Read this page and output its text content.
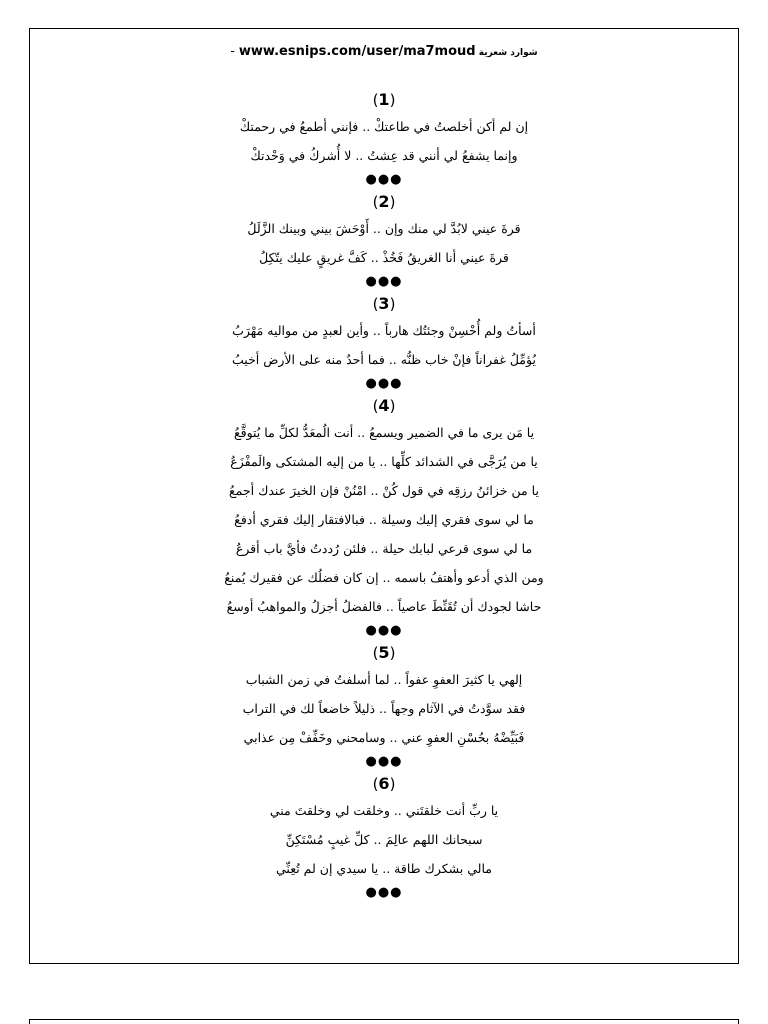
- www.esnips.com/user/ma7moud شوارد شعرية
(1)
إن لم أكن أخلصتُ في طاعتكْ .. فإنني أطمعُ في رحمتكْ
وإنما يشفعُ لي أنني قد عِشتُ .. لا أُشركُ في وَحْدتكْ
●●●
(2)
قرةَ عيني لابُدَّ لي منك وإن .. أَوْحَشَ بيني وبينك الزَّلَلُ
قرةَ عيني أنا الغريقُ فَخُذْ .. كَفَّ غريقٍ عليك يتّكِلُ
●●●
(3)
أسأتُ ولم أُحْسِنْ وجئتُك هارباً .. وأين لعبدٍ من مواليه مَهْرَبُ
يُؤمِّلُ غفراناً فإنْ خاب ظنُّه .. فما أحدٌ منه على الأرض أخيبُ
●●●
(4)
يا مَن يرى ما في الضمير ويسمعُ .. أنت الُمعَدُّ لكلِّ ما يُتوقَّعُ
يا من يُرَجَّى في الشدائد كلِّها .. يا من إليه المشتكى والَمفْزَعُ
يا من خزائنُ رزقِه في قول كُنْ .. امْنُنْ فإن الخيرَ عندك أجمعُ
ما لي سوى فقري إليك وسيلة .. فبالافتقار إليك فقري أدفعُ
ما لي سوى قرعي لبابك حيلة .. فلئن رُددتُ فأيَّ باب أقرعُ
ومن الذي أدعو وأهتفُ باسمه .. إن كان فضلُك عن فقيرك يُمنعُ
حاشا لجودك أن تُقَنِّطَ عاصياً .. فالفضلُ أجزلُ والمواهبُ أوسعُ
●●●
(5)
إلهي يا كثيرَ العفوِ عفواً .. لما أسلفتُ في زمن الشباب
فقد سوَّدتُ في الآثام وجهاً .. ذليلاً خاضعاً لك في التراب
فَبَيِّضْهُ بحُسْنِ العفوِ عني .. وسامحني وخَفِّفْ مِن عذابي
●●●
(6)
يا ربِّ أنت خلقتَني .. وخلقت لي وخلقتَ مني
سبحانك اللهم عالِمَ .. كلِّ غيبٍ مُسْتَكِنِّ
مالي بشكرك طاقة .. يا سيدي إن لم تُعِنِّي
●●●
